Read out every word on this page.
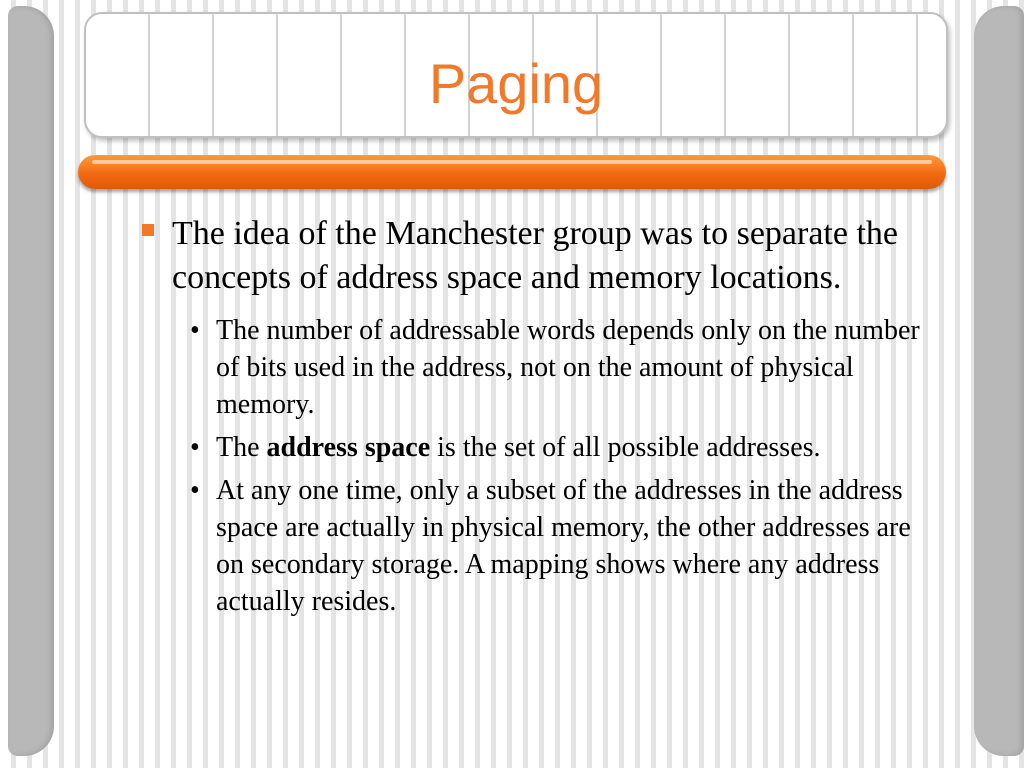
Paging
The idea of the Manchester group was to separate the concepts of address space and memory locations.
• The number of addressable words depends only on the number of bits used in the address, not on the amount of physical memory.
• The address space is the set of all possible addresses.
• At any one time, only a subset of the addresses in the address space are actually in physical memory, the other addresses are on secondary storage. A mapping shows where any address actually resides.
